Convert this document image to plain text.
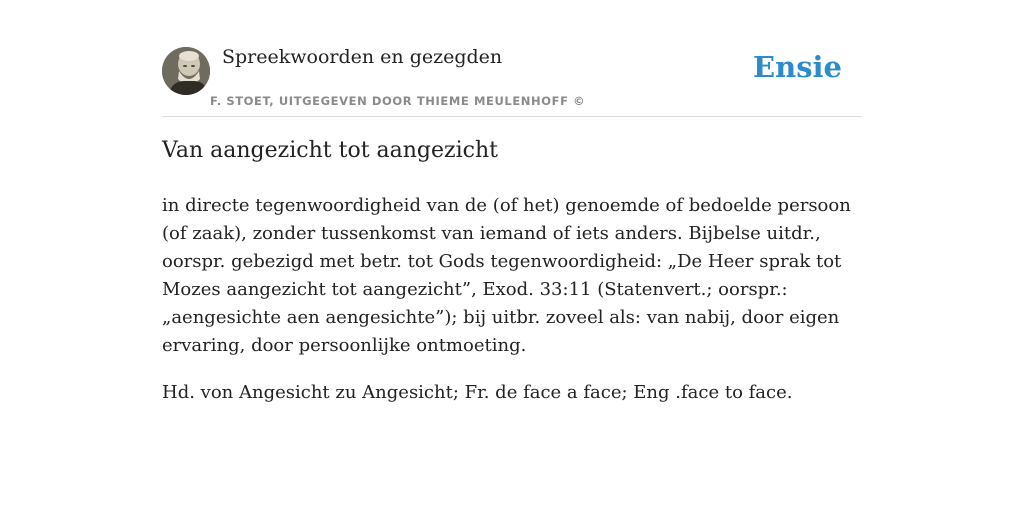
Spreekwoorden en gezegden
F. STOET, UITGEGEVEN DOOR THIEME MEULENHOFF ©
Ensie
Van aangezicht tot aangezicht

in directe tegenwoordigheid van de (of het) genoemde of bedoelde persoon (of zaak), zonder tussenkomst van iemand of iets anders. Bijbelse uitdr., oorspr. gebezigd met betr. tot Gods tegenwoordigheid: „De Heer sprak tot Mozes aangezicht tot aangezicht”, Exod. 33:11 (Statenvert.; oorspr.: „aengesichte aen aengesichte”); bij uitbr. zoveel als: van nabij, door eigen ervaring, door persoonlijke ontmoeting.

Hd. von Angesicht zu Angesicht; Fr. de face a face; Eng .face to face.
